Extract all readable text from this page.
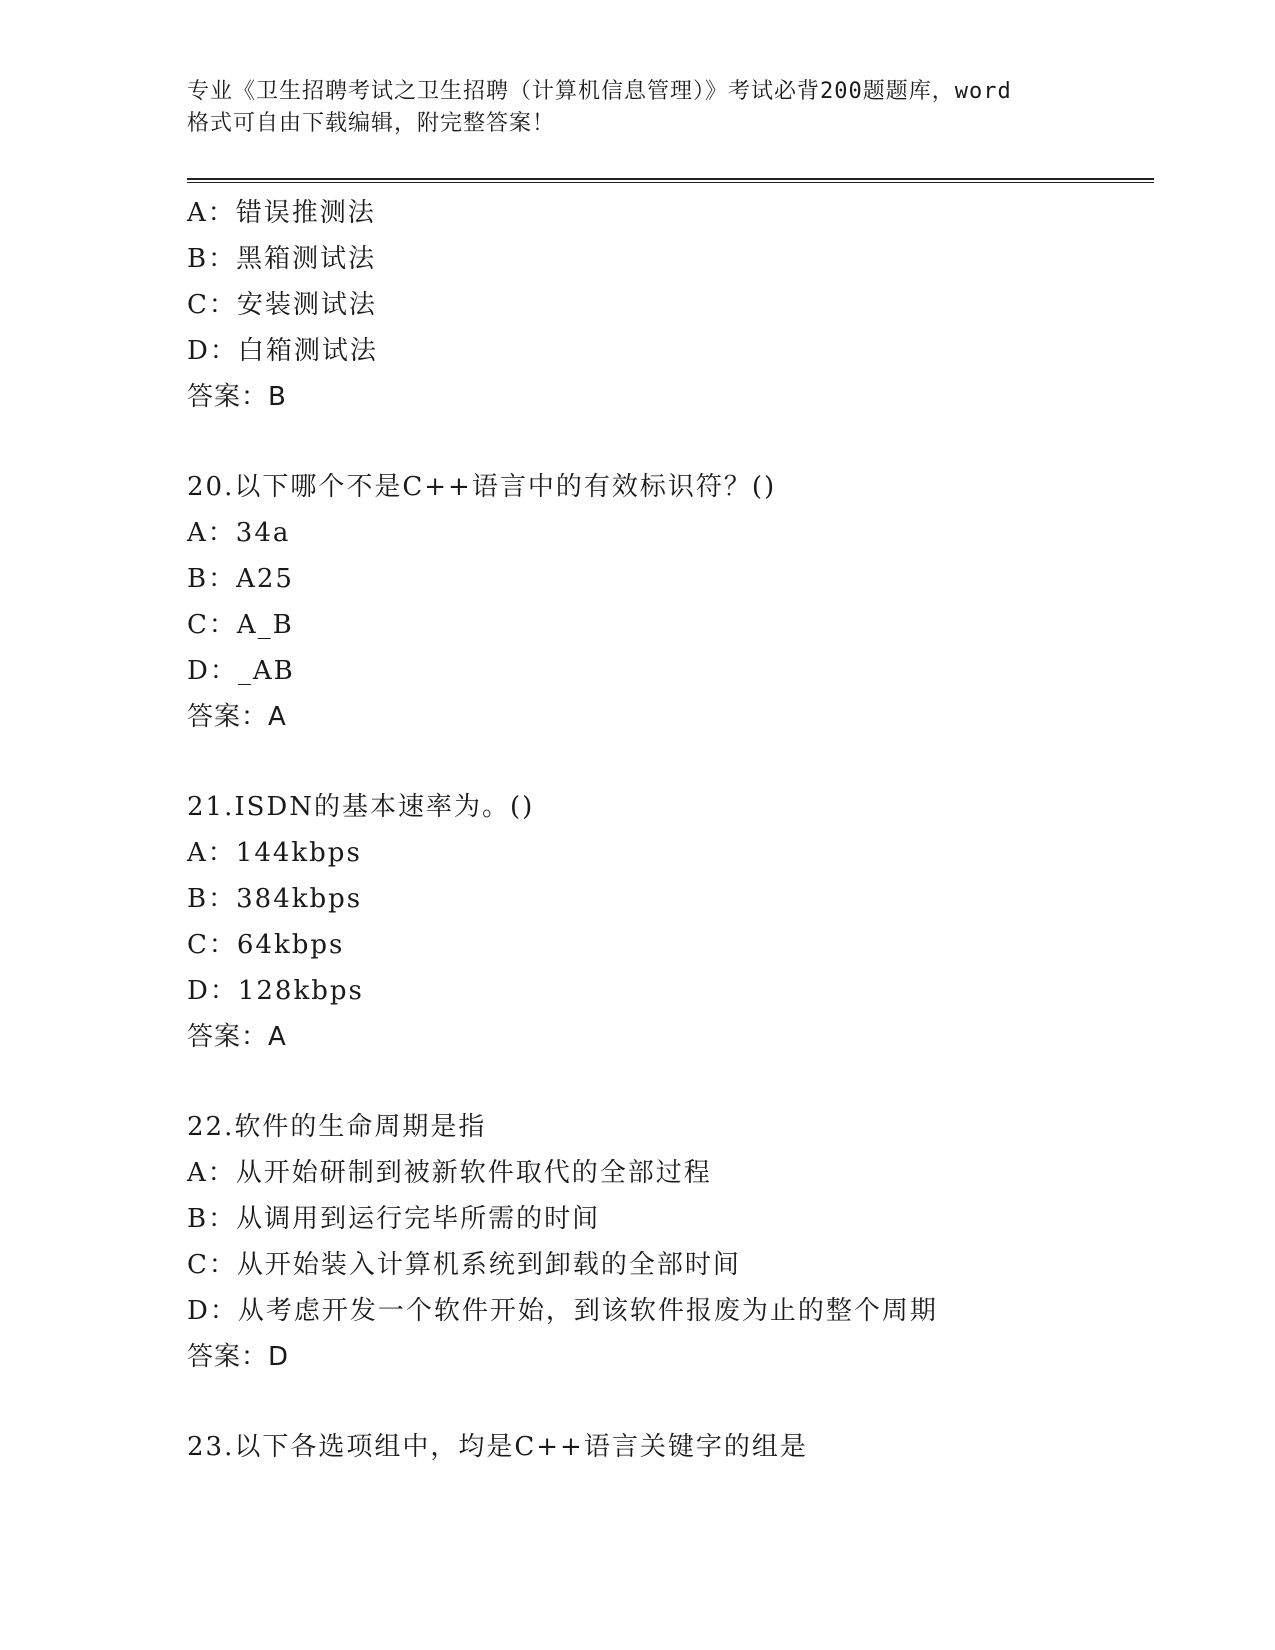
专业《卫生招聘考试之卫生招聘（计算机信息管理）》考试必背200题题库，word
格式可自由下载编辑，附完整答案！
A：错误推测法
B：黑箱测试法
C：安装测试法
D：白箱测试法
答案：B
20.以下哪个不是C++语言中的有效标识符？()
A：34a
B：A25
C：A_B
D：_AB
答案：A
21.ISDN的基本速率为。()
A：144kbps
B：384kbps
C：64kbps
D：128kbps
答案：A
22.软件的生命周期是指
A：从开始研制到被新软件取代的全部过程
B：从调用到运行完毕所需的时间
C：从开始装入计算机系统到卸载的全部时间
D：从考虑开发一个软件开始，到该软件报废为止的整个周期
答案：D
23.以下各选项组中，均是C++语言关键字的组是
